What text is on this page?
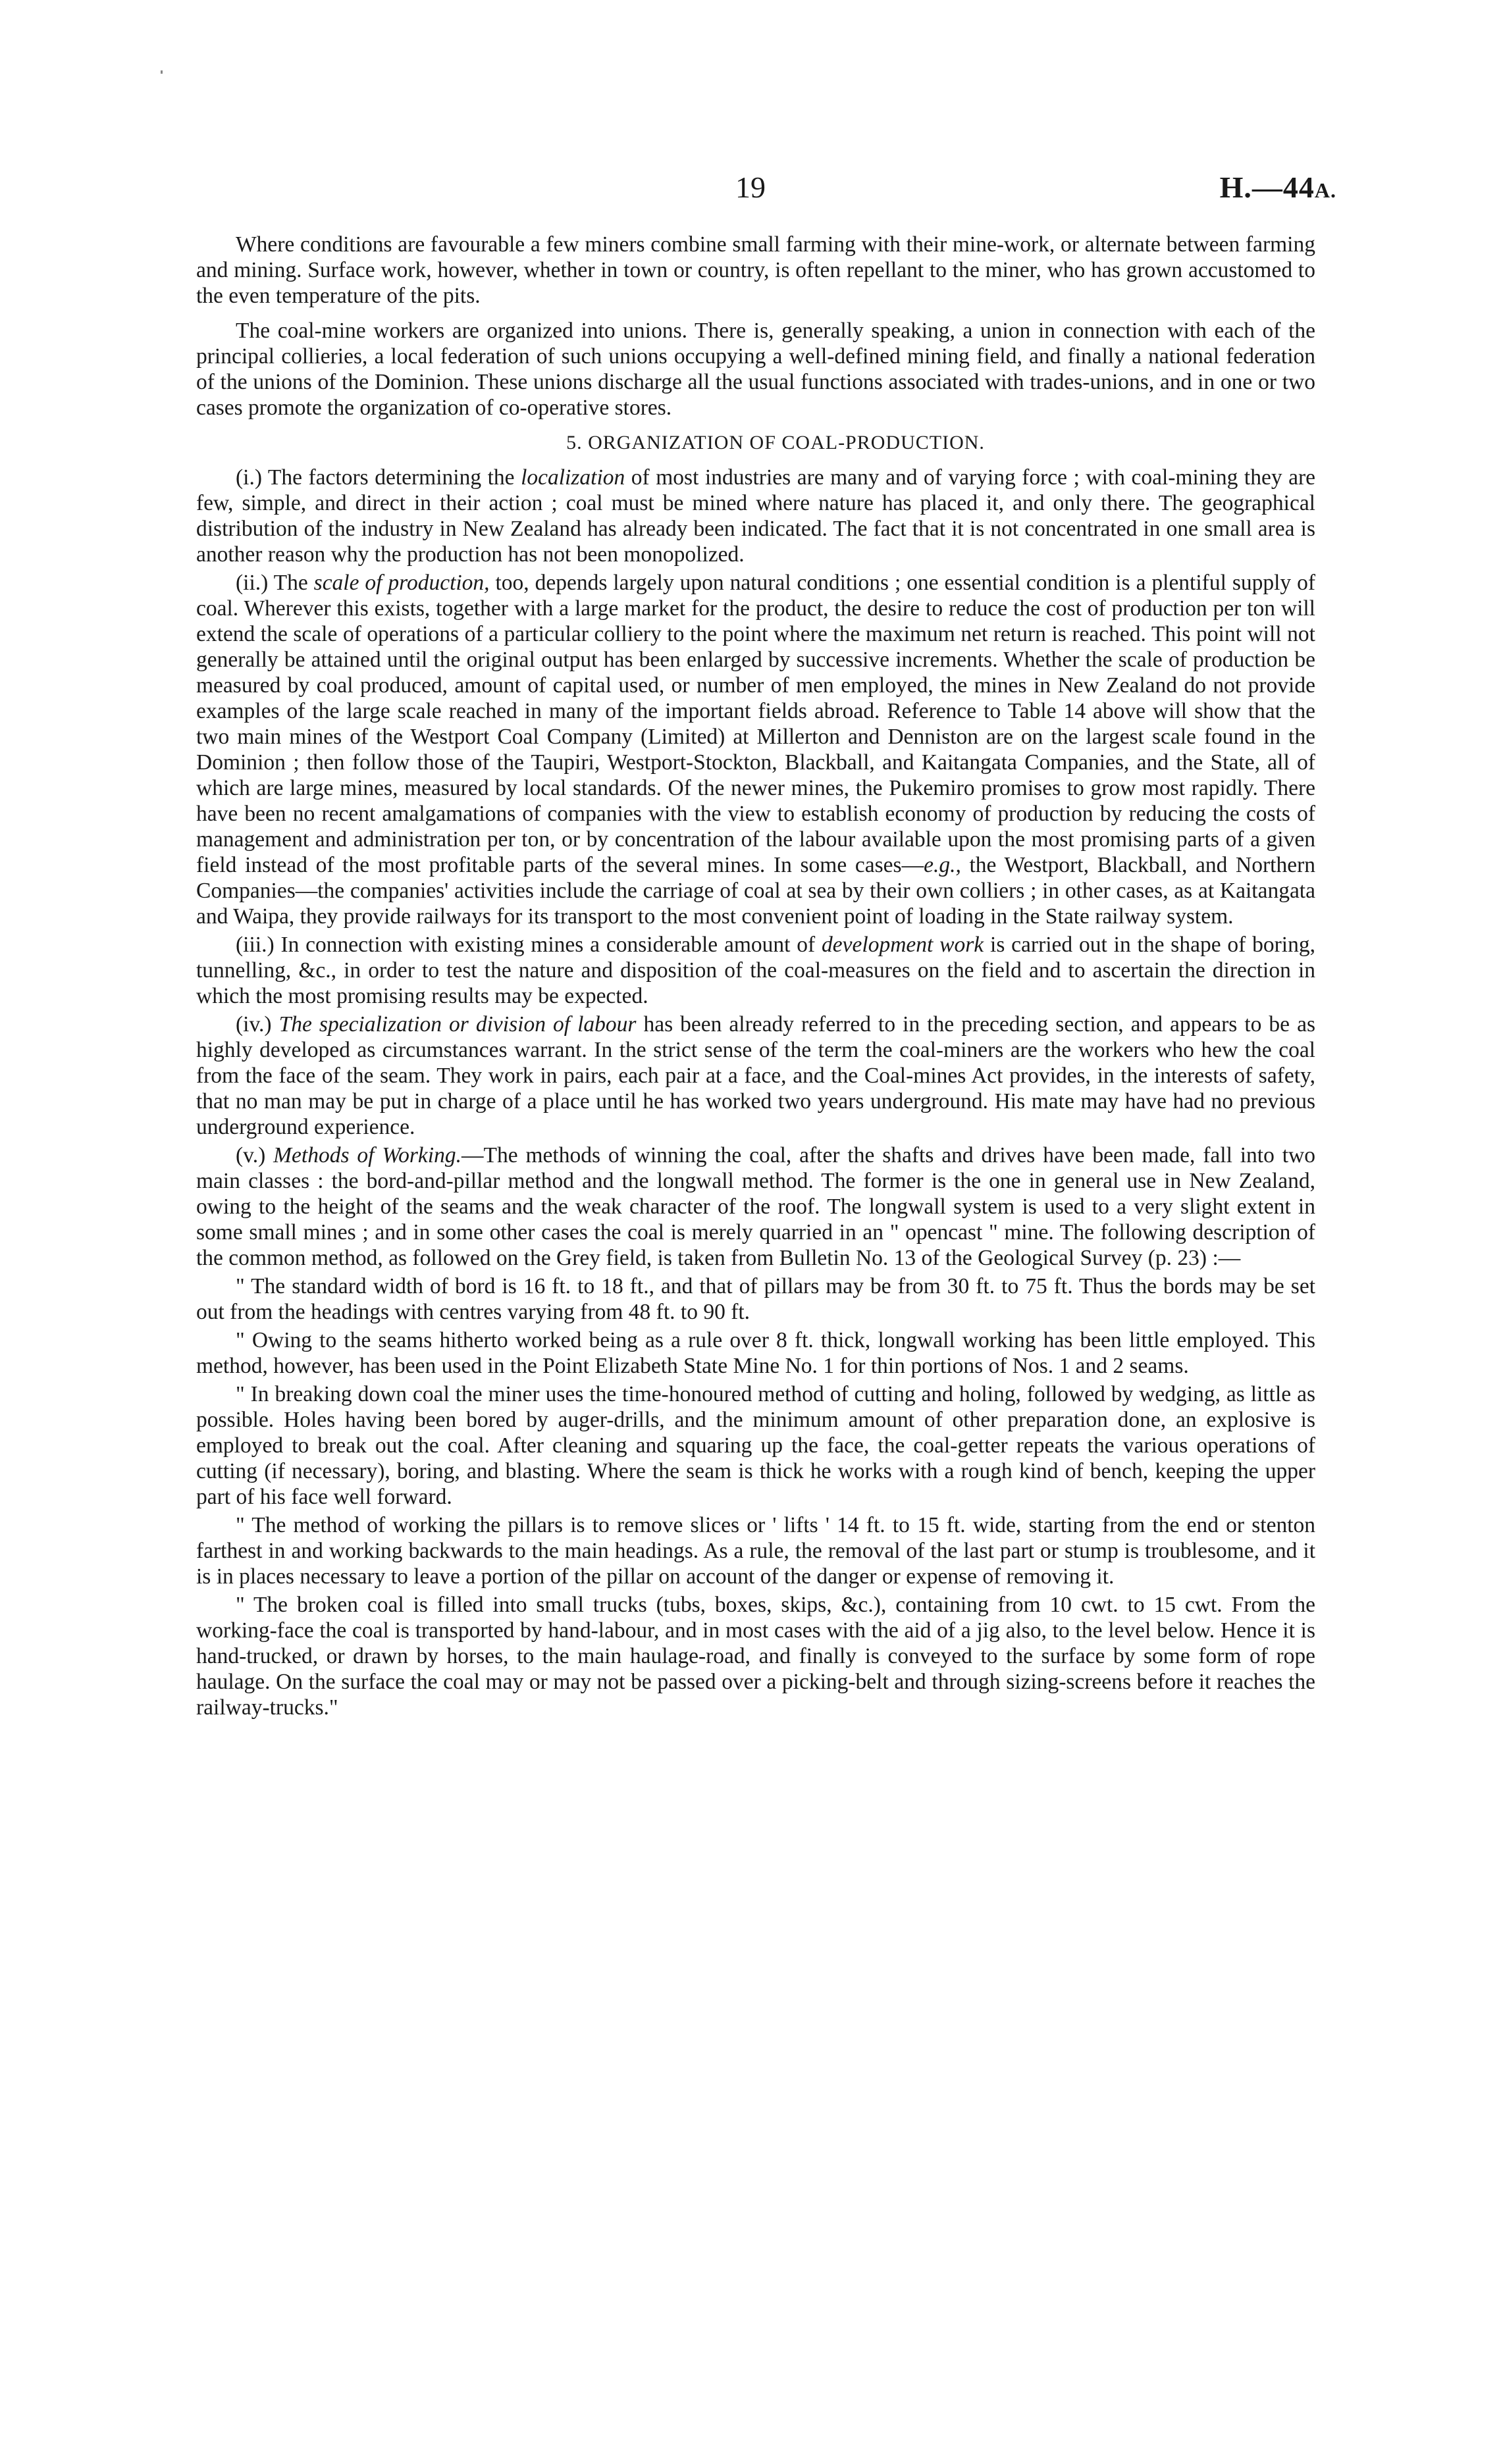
19	H.—44A.

Where conditions are favourable a few miners combine small farming with their mine-work, or alternate between farming and mining. Surface work, however, whether in town or country, is often repellant to the miner, who has grown accustomed to the even temperature of the pits.

The coal-mine workers are organized into unions. There is, generally speaking, a union in connection with each of the principal collieries, a local federation of such unions occupying a well-defined mining field, and finally a national federation of the unions of the Dominion. These unions discharge all the usual functions associated with trades-unions, and in one or two cases promote the organization of co-operative stores.

5. ORGANIZATION OF COAL-PRODUCTION.

(i.) The factors determining the localization of most industries are many and of varying force ; with coal-mining they are few, simple, and direct in their action ; coal must be mined where nature has placed it, and only there. The geographical distribution of the industry in New Zealand has already been indicated. The fact that it is not concentrated in one small area is another reason why the production has not been monopolized.

(ii.) The scale of production, too, depends largely upon natural conditions ; one essential condition is a plentiful supply of coal. Wherever this exists, together with a large market for the product, the desire to reduce the cost of production per ton will extend the scale of operations of a particular colliery to the point where the maximum net return is reached. This point will not generally be attained until the original output has been enlarged by successive increments. Whether the scale of production be measured by coal produced, amount of capital used, or number of men employed, the mines in New Zealand do not provide examples of the large scale reached in many of the important fields abroad. Reference to Table 14 above will show that the two main mines of the Westport Coal Company (Limited) at Millerton and Denniston are on the largest scale found in the Dominion ; then follow those of the Taupiri, Westport-Stockton, Blackball, and Kaitangata Companies, and the State, all of which are large mines, measured by local standards. Of the newer mines, the Pukemiro promises to grow most rapidly. There have been no recent amalgamations of companies with the view to establish economy of production by reducing the costs of management and administration per ton, or by concentration of the labour available upon the most promising parts of a given field instead of the most profitable parts of the several mines. In some cases—e.g., the Westport, Blackball, and Northern Companies—the companies' activities include the carriage of coal at sea by their own colliers ; in other cases, as at Kaitangata and Waipa, they provide railways for its transport to the most convenient point of loading in the State railway system.

(iii.) In connection with existing mines a considerable amount of development work is carried out in the shape of boring, tunnelling, &c., in order to test the nature and disposition of the coal-measures on the field and to ascertain the direction in which the most promising results may be expected.

(iv.) The specialization or division of labour has been already referred to in the preceding section, and appears to be as highly developed as circumstances warrant. In the strict sense of the term the coal-miners are the workers who hew the coal from the face of the seam. They work in pairs, each pair at a face, and the Coal-mines Act provides, in the interests of safety, that no man may be put in charge of a place until he has worked two years underground. His mate may have had no previous underground experience.

(v.) Methods of Working.—The methods of winning the coal, after the shafts and drives have been made, fall into two main classes : the bord-and-pillar method and the longwall method. The former is the one in general use in New Zealand, owing to the height of the seams and the weak character of the roof. The longwall system is used to a very slight extent in some small mines ; and in some other cases the coal is merely quarried in an " opencast " mine. The following description of the common method, as followed on the Grey field, is taken from Bulletin No. 13 of the Geological Survey (p. 23) :—

" The standard width of bord is 16 ft. to 18 ft., and that of pillars may be from 30 ft. to 75 ft. Thus the bords may be set out from the headings with centres varying from 48 ft. to 90 ft.

" Owing to the seams hitherto worked being as a rule over 8 ft. thick, longwall working has been little employed. This method, however, has been used in the Point Elizabeth State Mine No. 1 for thin portions of Nos. 1 and 2 seams.

" In breaking down coal the miner uses the time-honoured method of cutting and holing, followed by wedging, as little as possible. Holes having been bored by auger-drills, and the minimum amount of other preparation done, an explosive is employed to break out the coal. After cleaning and squaring up the face, the coal-getter repeats the various operations of cutting (if necessary), boring, and blasting. Where the seam is thick he works with a rough kind of bench, keeping the upper part of his face well forward.

" The method of working the pillars is to remove slices or ' lifts ' 14 ft. to 15 ft. wide, starting from the end or stenton farthest in and working backwards to the main headings. As a rule, the removal of the last part or stump is troublesome, and it is in places necessary to leave a portion of the pillar on account of the danger or expense of removing it.

" The broken coal is filled into small trucks (tubs, boxes, skips, &c.), containing from 10 cwt. to 15 cwt. From the working-face the coal is transported by hand-labour, and in most cases with the aid of a jig also, to the level below. Hence it is hand-trucked, or drawn by horses, to the main haulage-road, and finally is conveyed to the surface by some form of rope haulage. On the surface the coal may or may not be passed over a picking-belt and through sizing-screens before it reaches the railway-trucks."
